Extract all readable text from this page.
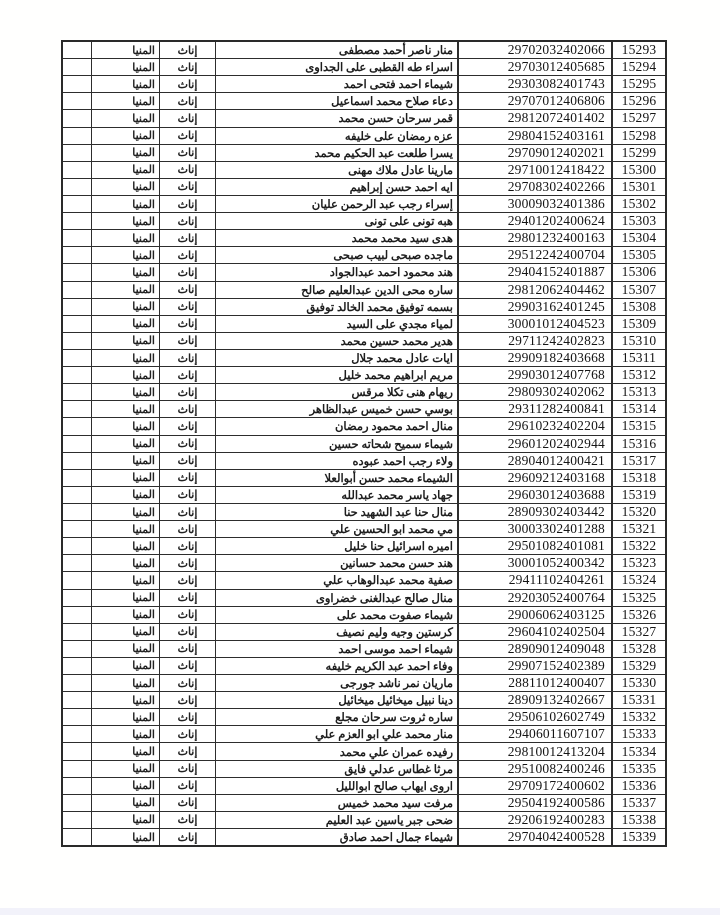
المنيا	إناث	منار ناصر أحمد مصطفى	29702032402066	15293
المنيا	إناث	اسراء طه القطبى على الجداوى	29703012405685	15294
المنيا	إناث	شيماء احمد فتحى احمد	29303082401743	15295
المنيا	إناث	دعاء صلاح محمد اسماعيل	29707012406806	15296
المنيا	إناث	قمر سرحان حسن محمد	29812072401402	15297
المنيا	إناث	عزه رمضان على خليفه	29804152403161	15298
المنيا	إناث	يسرا طلعت عبد الحكيم محمد	29709012402021	15299
المنيا	إناث	مارينا عادل ملاك مهنى	29710012418422	15300
المنيا	إناث	ايه احمد حسن إبراهيم	29708302402266	15301
المنيا	إناث	إسراء رجب عبد الرحمن عليان	30009032401386	15302
المنيا	إناث	هبه تونى على تونى	29401202400624	15303
المنيا	إناث	هدى سيد محمد محمد	29801232400163	15304
المنيا	إناث	ماجده صبحى لبيب صبحى	29512242400704	15305
المنيا	إناث	هند محمود احمد عبدالجواد	29404152401887	15306
المنيا	إناث	ساره محى الدين عبدالعليم صالح	29812062404462	15307
المنيا	إناث	بسمه توفيق محمد الخالد توفيق	29903162401245	15308
المنيا	إناث	لمياء مجدي على السيد	30001012404523	15309
المنيا	إناث	هدير محمد حسين محمد	29711242402823	15310
المنيا	إناث	ايات عادل محمد جلال	29909182403668	15311
المنيا	إناث	مريم ابراهيم محمد خليل	29903012407768	15312
المنيا	إناث	ريهام هنى تكلا مرقس	29809302402062	15313
المنيا	إناث	بوسي حسن خميس عبدالظاهر	29311282400841	15314
المنيا	إناث	منال احمد محمود رمضان	29610232402204	15315
المنيا	إناث	شيماء سميح شحاته حسين	29601202402944	15316
المنيا	إناث	ولاء رجب احمد عبوده	28904012400421	15317
المنيا	إناث	الشيماء محمد حسن أبوالعلا	29609212403168	15318
المنيا	إناث	جهاد ياسر محمد عبدالله	29603012403688	15319
المنيا	إناث	منال حنا عبد الشهيد حنا	28909302403442	15320
المنيا	إناث	مي محمد ابو الحسين علي	30003302401288	15321
المنيا	إناث	اميره اسرائيل حنا خليل	29501082401081	15322
المنيا	إناث	هند حسن محمد حسانين	30001052400342	15323
المنيا	إناث	صفية محمد عبدالوهاب علي	29411102404261	15324
المنيا	إناث	منال صالح عبدالغنى خضراوى	29203052400764	15325
المنيا	إناث	شيماء صفوت محمد على	29006062403125	15326
المنيا	إناث	كرستين وجيه وليم نصيف	29604102402504	15327
المنيا	إناث	شيماء احمد موسى احمد	28909012409048	15328
المنيا	إناث	وفاء احمد عبد الكريم خليفه	29907152402389	15329
المنيا	إناث	ماريان نمر ناشد جورجى	28811012400407	15330
المنيا	إناث	دينا نبيل ميخائيل ميخائيل	28909132402667	15331
المنيا	إناث	ساره ثروت سرحان مجلع	29506102602749	15332
المنيا	إناث	منار محمد علي ابو العزم علي	29406011607107	15333
المنيا	إناث	رفيده عمران علي محمد	29810012413204	15334
المنيا	إناث	مرثا غطاس عدلي فايق	29510082400246	15335
المنيا	إناث	اروى ايهاب صالح ابوالليل	29709172400602	15336
المنيا	إناث	مرفت سيد محمد خميس	29504192400586	15337
المنيا	إناث	ضحى جبر ياسين عبد العليم	29206192400283	15338
المنيا	إناث	شيماء جمال احمد صادق	29704042400528	15339
